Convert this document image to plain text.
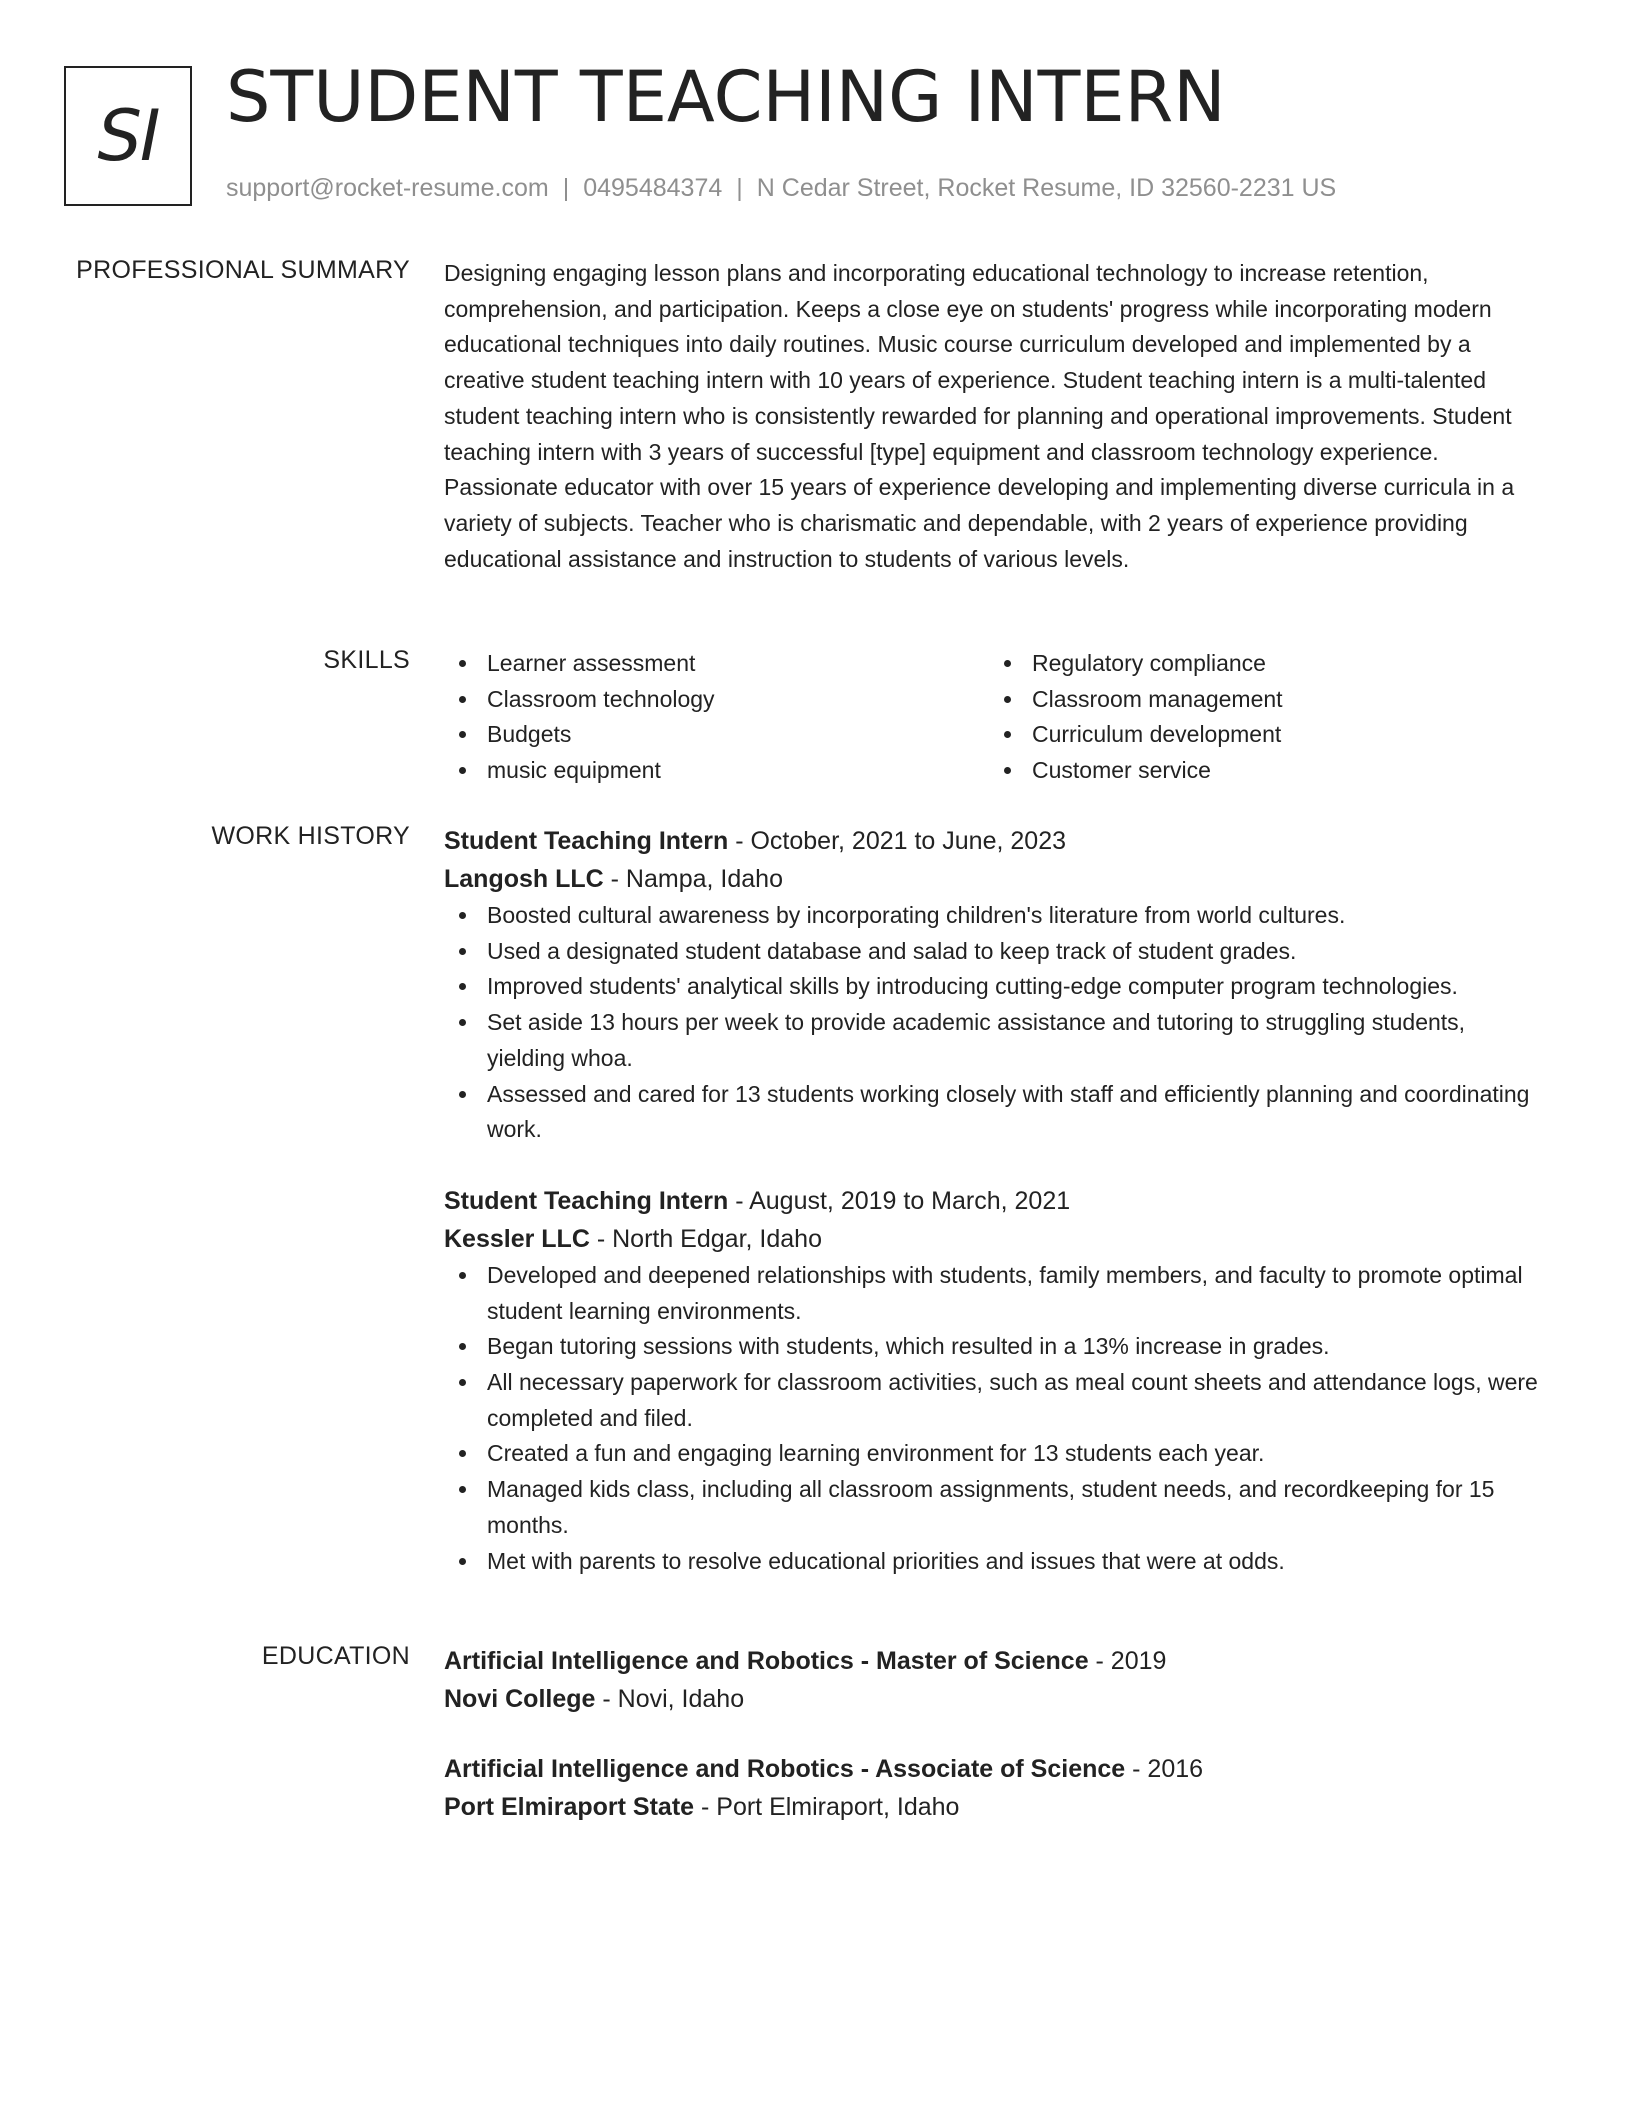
SI STUDENT TEACHING INTERN
support@rocket-resume.com | 0495484374 | N Cedar Street, Rocket Resume, ID 32560-2231 US
PROFESSIONAL SUMMARY Designing engaging lesson plans and incorporating educational technology to increase retention, comprehension, and participation. Keeps a close eye on students' progress while incorporating modern educational techniques into daily routines. Music course curriculum developed and implemented by a creative student teaching intern with 10 years of experience. Student teaching intern is a multi-talented student teaching intern who is consistently rewarded for planning and operational improvements. Student teaching intern with 3 years of successful [type] equipment and classroom technology experience. Passionate educator with over 15 years of experience developing and implementing diverse curricula in a variety of subjects. Teacher who is charismatic and dependable, with 2 years of experience providing educational assistance and instruction to students of various levels.

SKILLS	Learner assessment
Classroom technology
Budgets
music equipment
Regulatory compliance
Classroom management
Curriculum development
Customer service
WORK HISTORY Student Teaching Intern - October, 2021 to June, 2023
Langosh LLC - Nampa, Idaho
Boosted cultural awareness by incorporating children's literature from world cultures.
Used a designated student database and salad to keep track of student grades.
Improved students' analytical skills by introducing cutting-edge computer program technologies.
Set aside 13 hours per week to provide academic assistance and tutoring to struggling students, yielding whoa.
Assessed and cared for 13 students working closely with staff and efficiently planning and coordinating work.
Student Teaching Intern - August, 2019 to March, 2021
Kessler LLC - North Edgar, Idaho
Developed and deepened relationships with students, family members, and faculty to promote optimal student learning environments.
Began tutoring sessions with students, which resulted in a 13% increase in grades.
All necessary paperwork for classroom activities, such as meal count sheets and attendance logs, were completed and filed.
Created a fun and engaging learning environment for 13 students each year.
Managed kids class, including all classroom assignments, student needs, and recordkeeping for 15 months.
Met with parents to resolve educational priorities and issues that were at odds.
EDUCATION Artificial Intelligence and Robotics - Master of Science - 2019
Novi College - Novi, Idaho
Artificial Intelligence and Robotics - Associate of Science - 2016
Port Elmiraport State - Port Elmiraport, Idaho
